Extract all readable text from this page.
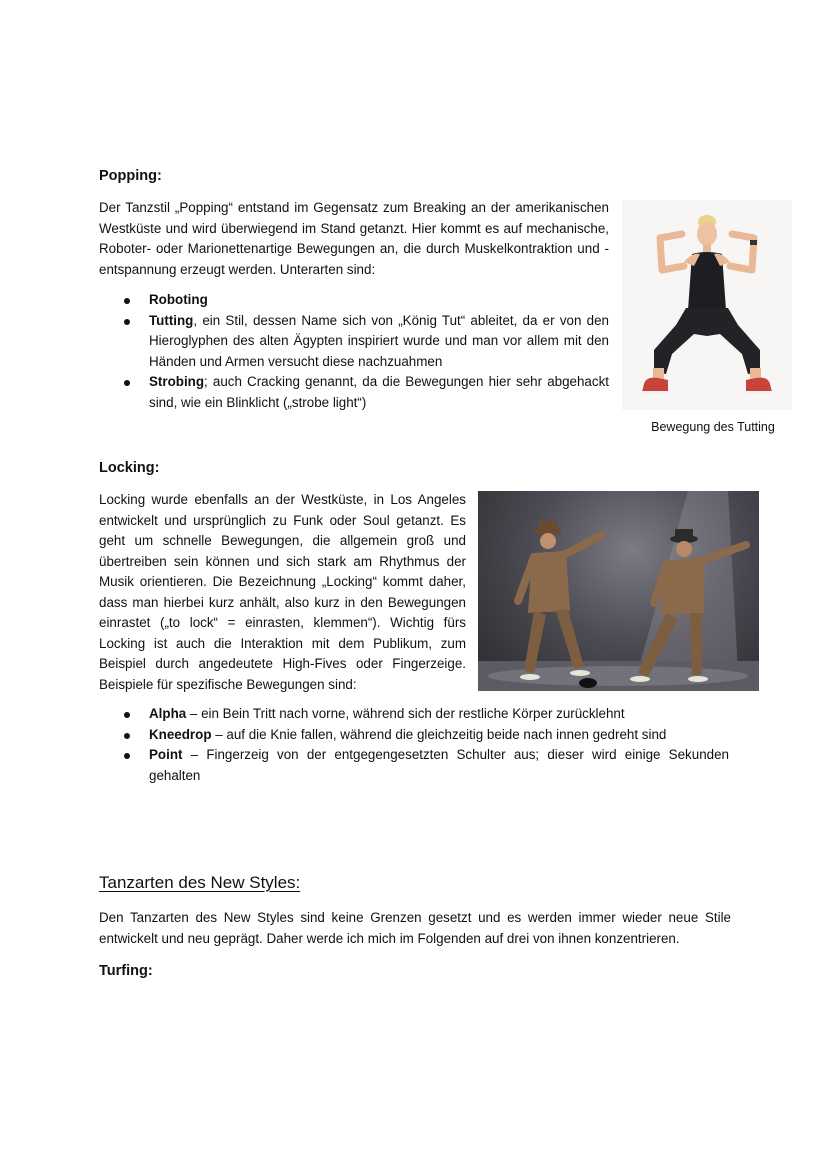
Popping:

Der Tanzstil „Popping“ entstand im Gegensatz zum Breaking an der amerikanischen Westküste und wird überwiegend im Stand getanzt. Hier kommt es auf mechanische, Roboter- oder Marionettenartige Bewegungen an, die durch Muskelkontraktion und -entspannung erzeugt werden. Unterarten sind:

Roboting
Tutting, ein Stil, dessen Name sich von „König Tut“ ableitet, da er von den Hieroglyphen des alten Ägypten inspiriert wurde und man vor allem mit den Händen und Armen versucht diese nachzuahmen
Strobing; auch Cracking genannt, da die Bewegungen hier sehr abgehackt sind, wie ein Blinklicht („strobe light“)
Bewegung des Tutting
Locking:

Locking wurde ebenfalls an der Westküste, in Los Angeles entwickelt und ursprünglich zu Funk oder Soul getanzt. Es geht um schnelle Bewegungen, die allgemein groß und übertreiben sein können und sich stark am Rhythmus der Musik orientieren. Die Bezeichnung „Locking“ kommt daher, dass man hierbei kurz anhält, also kurz in den Bewegungen einrastet („to lock“ = einrasten, klemmen“). Wichtig fürs Locking ist auch die Interaktion mit dem Publikum, zum Beispiel durch angedeutete High-Fives oder Fingerzeige. Beispiele für spezifische Bewegungen sind:

Alpha – ein Bein Tritt nach vorne, während sich der restliche Körper zurücklehnt
Kneedrop – auf die Knie fallen, während die gleichzeitig beide nach innen gedreht sind
Point – Fingerzeig von der entgegengesetzten Schulter aus; dieser wird einige Sekunden gehalten
Tanzarten des New Styles:

Den Tanzarten des New Styles sind keine Grenzen gesetzt und es werden immer wieder neue Stile entwickelt und neu geprägt. Daher werde ich mich im Folgenden auf drei von ihnen konzentrieren.

Turfing:
